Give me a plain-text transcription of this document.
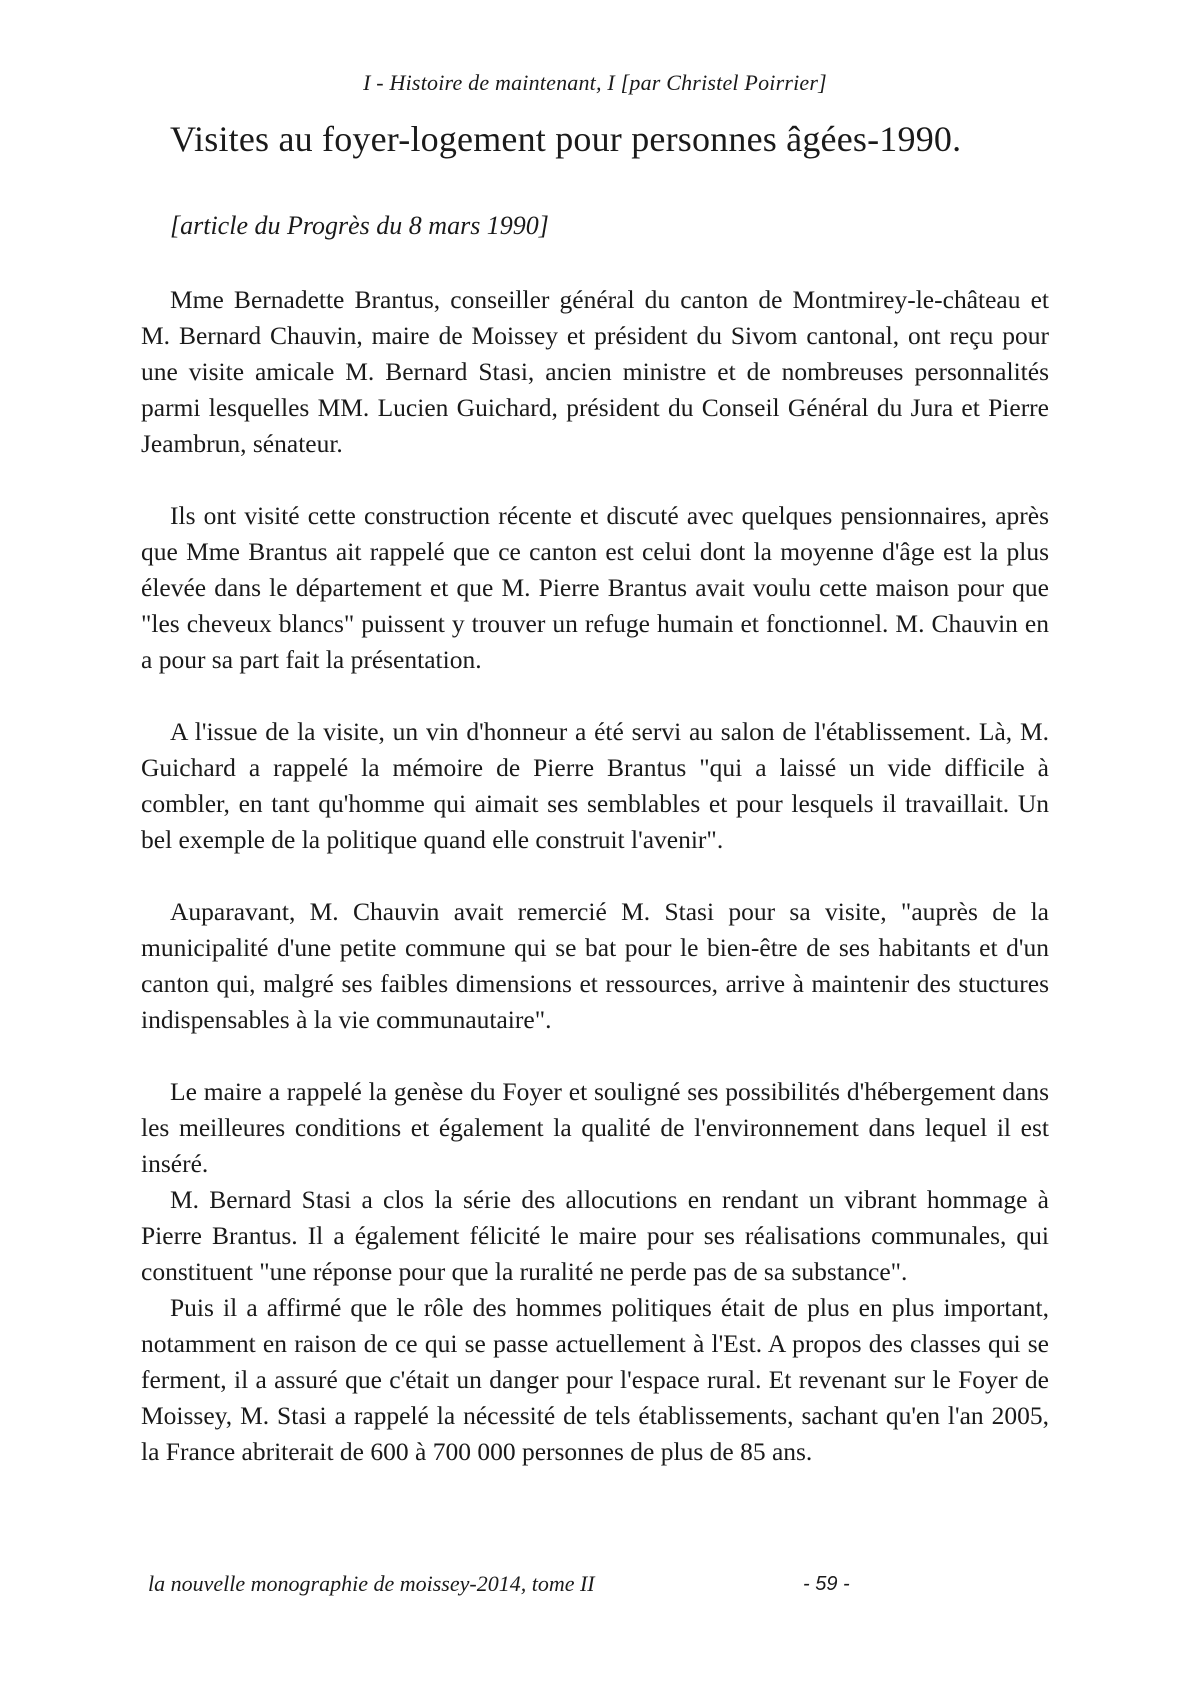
I - Histoire de maintenant, I [par Christel Poirrier]
Visites au foyer-logement pour personnes âgées-1990.
[article du Progrès du 8 mars 1990]

Mme Bernadette Brantus, conseiller général du canton de Montmirey-le-château et M. Bernard Chauvin, maire de Moissey et président du Sivom cantonal, ont reçu pour une visite amicale M. Bernard Stasi, ancien ministre et de nombreuses personnalités parmi lesquelles MM. Lucien Guichard, président du Conseil Général du Jura et Pierre Jeambrun, sénateur.

Ils ont visité cette construction récente et discuté avec quelques pensionnaires, après que Mme Brantus ait rappelé que ce canton est celui dont la moyenne d'âge est la plus élevée dans le département et que M. Pierre Brantus avait voulu cette maison pour que "les cheveux blancs" puissent y trouver un refuge humain et fonctionnel. M. Chauvin en a pour sa part fait la présentation.

A l'issue de la visite, un vin d'honneur a été servi au salon de l'établissement. Là, M. Guichard a rappelé la mémoire de Pierre Brantus "qui a laissé un vide difficile à combler, en tant qu'homme qui aimait ses semblables et pour lesquels il travaillait. Un bel exemple de la politique quand elle construit l'avenir".

Auparavant, M. Chauvin avait remercié M. Stasi pour sa visite, "auprès de la municipalité d'une petite commune qui se bat pour le bien-être de ses habitants et d'un canton qui, malgré ses faibles dimensions et ressources, arrive à maintenir des stuctures indispensables à la vie communautaire".

Le maire a rappelé la genèse du Foyer et souligné ses possibilités d'hébergement dans les meilleures conditions et également la qualité de l'environnement dans lequel il est inséré.

M. Bernard Stasi a clos la série des allocutions en rendant un vibrant hommage à Pierre Brantus. Il a également félicité le maire pour ses réalisations communales, qui constituent "une réponse pour que la ruralité ne perde pas de sa substance".

Puis il a affirmé que le rôle des hommes politiques était de plus en plus important, notamment en raison de ce qui se passe actuellement à l'Est. A propos des classes qui se ferment, il a assuré que c'était un danger pour l'espace rural. Et revenant sur le Foyer de Moissey, M. Stasi a rappelé la nécessité de tels établissements, sachant qu'en l'an 2005, la France abriterait de 600 à 700 000 personnes de plus de 85 ans.

la nouvelle monographie de moissey-2014, tome II	- 59 -
